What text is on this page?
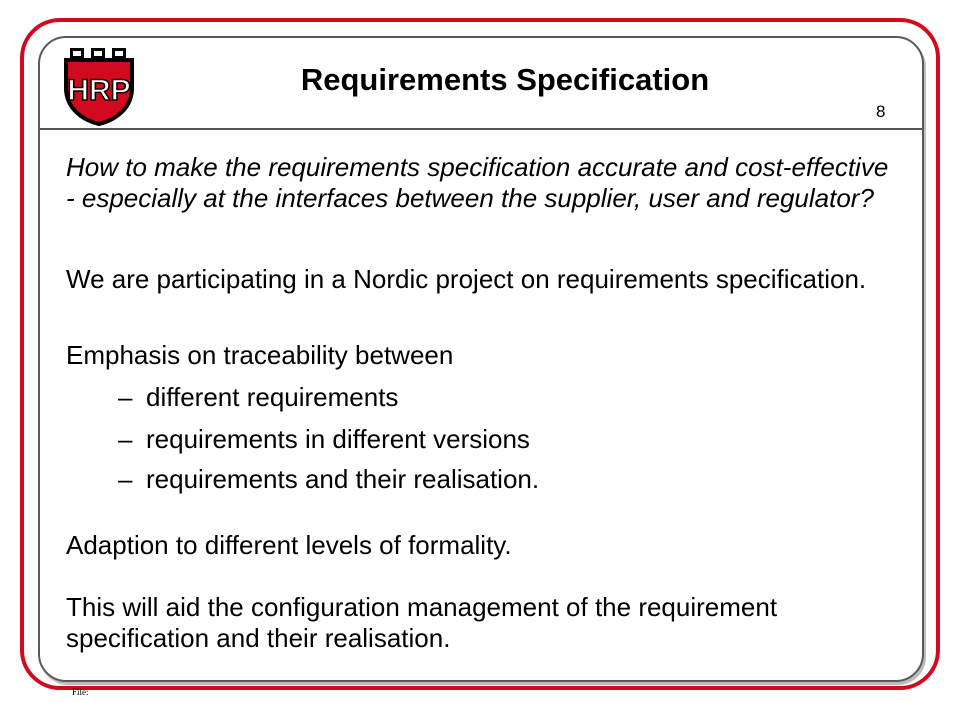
HRP	Requirements Specification
8

How to make the requirements specification accurate and cost-effective - especially at the interfaces between the supplier, user and regulator?

We are participating in a Nordic project on requirements specification.

Emphasis on traceability between

– different requirements

– requirements in different versions

– requirements and their realisation.

Adaption to different levels of formality.

This will aid the configuration management of the requirement specification and their realisation.

File:
